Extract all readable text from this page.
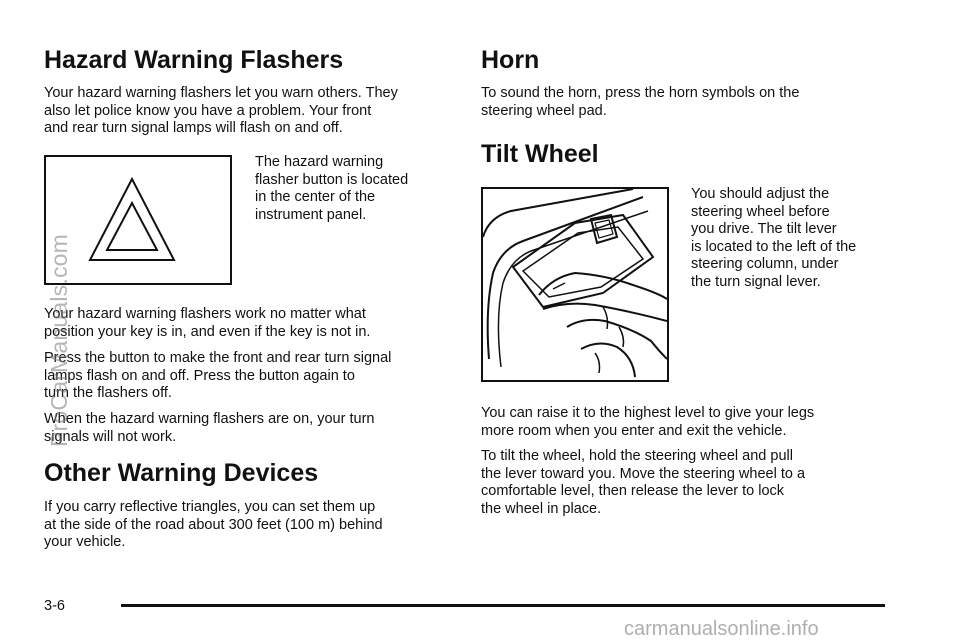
Hazard Warning Flashers
Your hazard warning flashers let you warn others. They
also let police know you have a problem. Your front
and rear turn signal lamps will flash on and off.
The hazard warning
flasher button is located
in the center of the
instrument panel.
Your hazard warning flashers work no matter what
position your key is in, and even if the key is not in.
Press the button to make the front and rear turn signal
lamps flash on and off. Press the button again to
turn the flashers off.
When the hazard warning flashers are on, your turn
signals will not work.
Other Warning Devices
If you carry reflective triangles, you can set them up
at the side of the road about 300 feet (100 m) behind
your vehicle.
Horn
To sound the horn, press the horn symbols on the
steering wheel pad.
Tilt Wheel
You should adjust the
steering wheel before
you drive. The tilt lever
is located to the left of the
steering column, under
the turn signal lever.
You can raise it to the highest level to give your legs
more room when you enter and exit the vehicle.
To tilt the wheel, hold the steering wheel and pull
the lever toward you. Move the steering wheel to a
comfortable level, then release the lever to lock
the wheel in place.
3-6
ProCarManuals.com
carmanualsonline.info
